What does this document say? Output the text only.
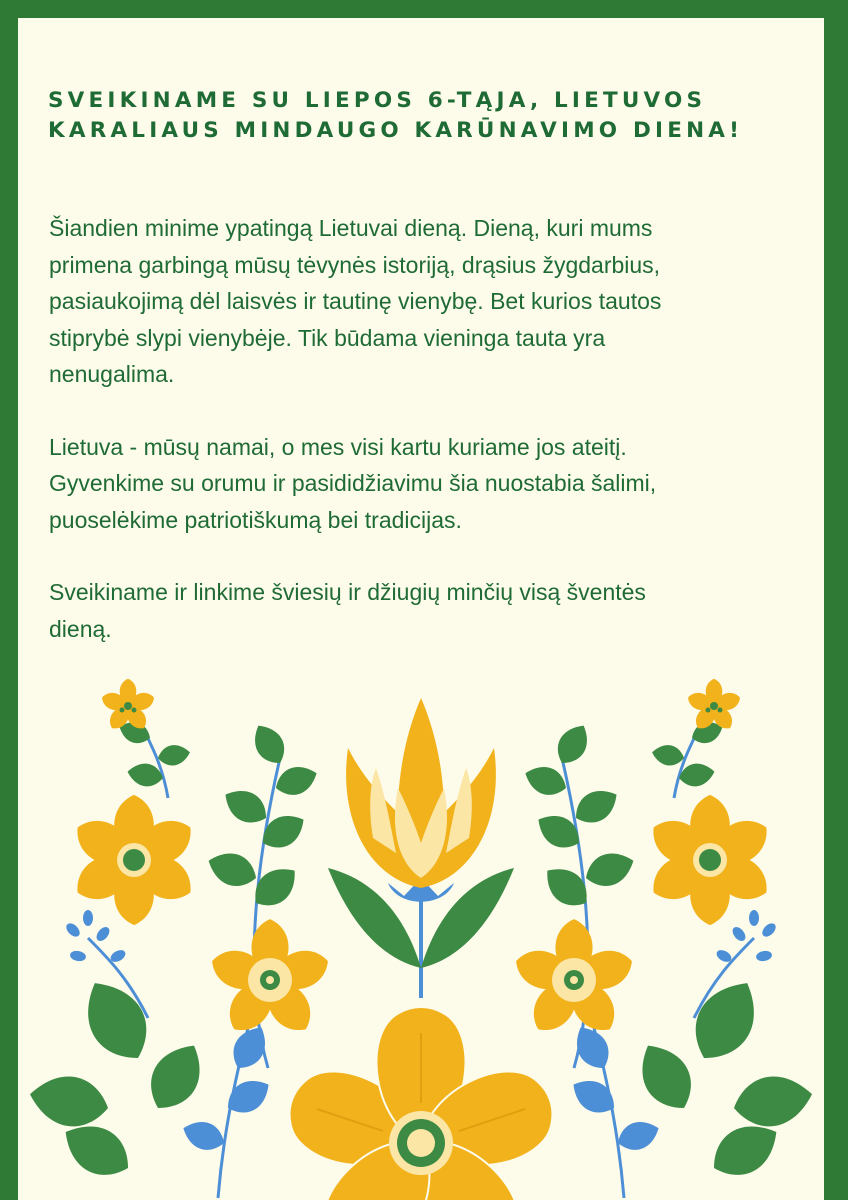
SVEIKINAME SU LIEPOS 6-TĄJA, LIETUVOS
KARALIAUS MINDAUGO KARŪNAVIMO DIENA!

Šiandien minime ypatingą Lietuvai dieną. Dieną, kuri mums
primena garbingą mūsų tėvynės istoriją, drąsius žygdarbius,
pasiaukojimą dėl laisvės ir tautinę vienybę. Bet kurios tautos
stiprybė slypi vienybėje. Tik būdama vieninga tauta yra
nenugalima.

Lietuva - mūsų namai, o mes visi kartu kuriame jos ateitį.
Gyvenkime su orumu ir pasididžiavimu šia nuostabia šalimi,
puoselėkime patriotiškumą bei tradicijas.

Sveikiname ir linkime šviesių ir džiugių minčių visą šventės
dieną.
